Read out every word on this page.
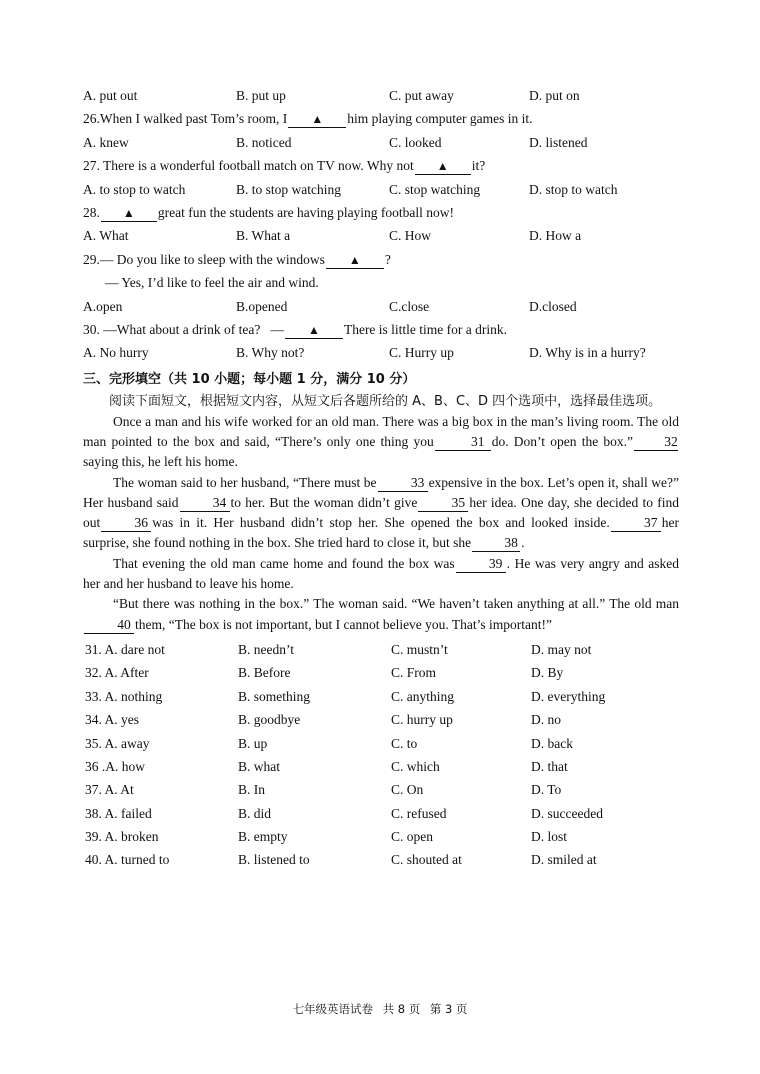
A. put out	B. put up	C. put away	D. put on
26.When I walked past Tom’s room, I ▲ him playing computer games in it.
A. knew	B. noticed	C. looked	D. listened
27. There is a wonderful football match on TV now. Why not ▲ it?
A. to stop to watch	B. to stop watching	C. stop watching	D. stop to watch
28. ▲ great fun the students are having playing football now!
A. What	B. What a	C. How	D. How a
29.— Do you like to sleep with the windows ▲ ?
— Yes, I’d like to feel the air and wind.
A.open	B.opened	C.close	D.closed
30. —What about a drink of tea?   — ▲ There is little time for a drink.
A. No hurry	B. Why not?	C. Hurry up	D. Why is in a hurry?
三、完形填空（共 10 小题；每小题 1 分，满分 10 分）
阅读下面短文，根据短文内容，从短文后各题所给的 A、B、C、D 四个选项中，选择最佳选项。

Once a man and his wife worked for an old man. There was a big box in the man’s living room. The old man pointed to the box and said, “There’s only one thing you	31 do. Don’t open the box.” 32saying this, he left his home.

The woman said to her husband, “There must be	33 expensive in the box. Let’s open it, shall we?” Her husband said	34 to her. But the woman didn’t give	35 her idea. One day, she decided to find out	36 was in it. Her husband didn’t stop her. She opened the box and looked inside.	37 her surprise, she found nothing in the box. She tried hard to close it, but she 38 .

That evening the old man came home and found the box was	39 . He was very angry and asked her and her husband to leave his home.

“But there was nothing in the box.” The woman said. “We haven’t taken anything at all.” The old man40 them, “The box is not important, but I cannot believe you. That’s important!”

31. A. dare not	B. needn’t	C. mustn’t	D. may not
32. A. After	B. Before	C. From	D. By
33. A. nothing	B. something	C. anything	D. everything
34. A. yes	B. goodbye	C. hurry up	D. no
35. A. away	B. up	C. to	D. back
36 .A. how	B. what	C. which	D. that
37. A. At	B. In	C. On	D. To
38. A. failed	B. did	C. refused	D. succeeded
39. A. broken	B. empty	C. open	D. lost
40. A. turned to	B. listened to	C. shouted at	D. smiled at
七年级英语试卷 共 8 页 第 3 页
